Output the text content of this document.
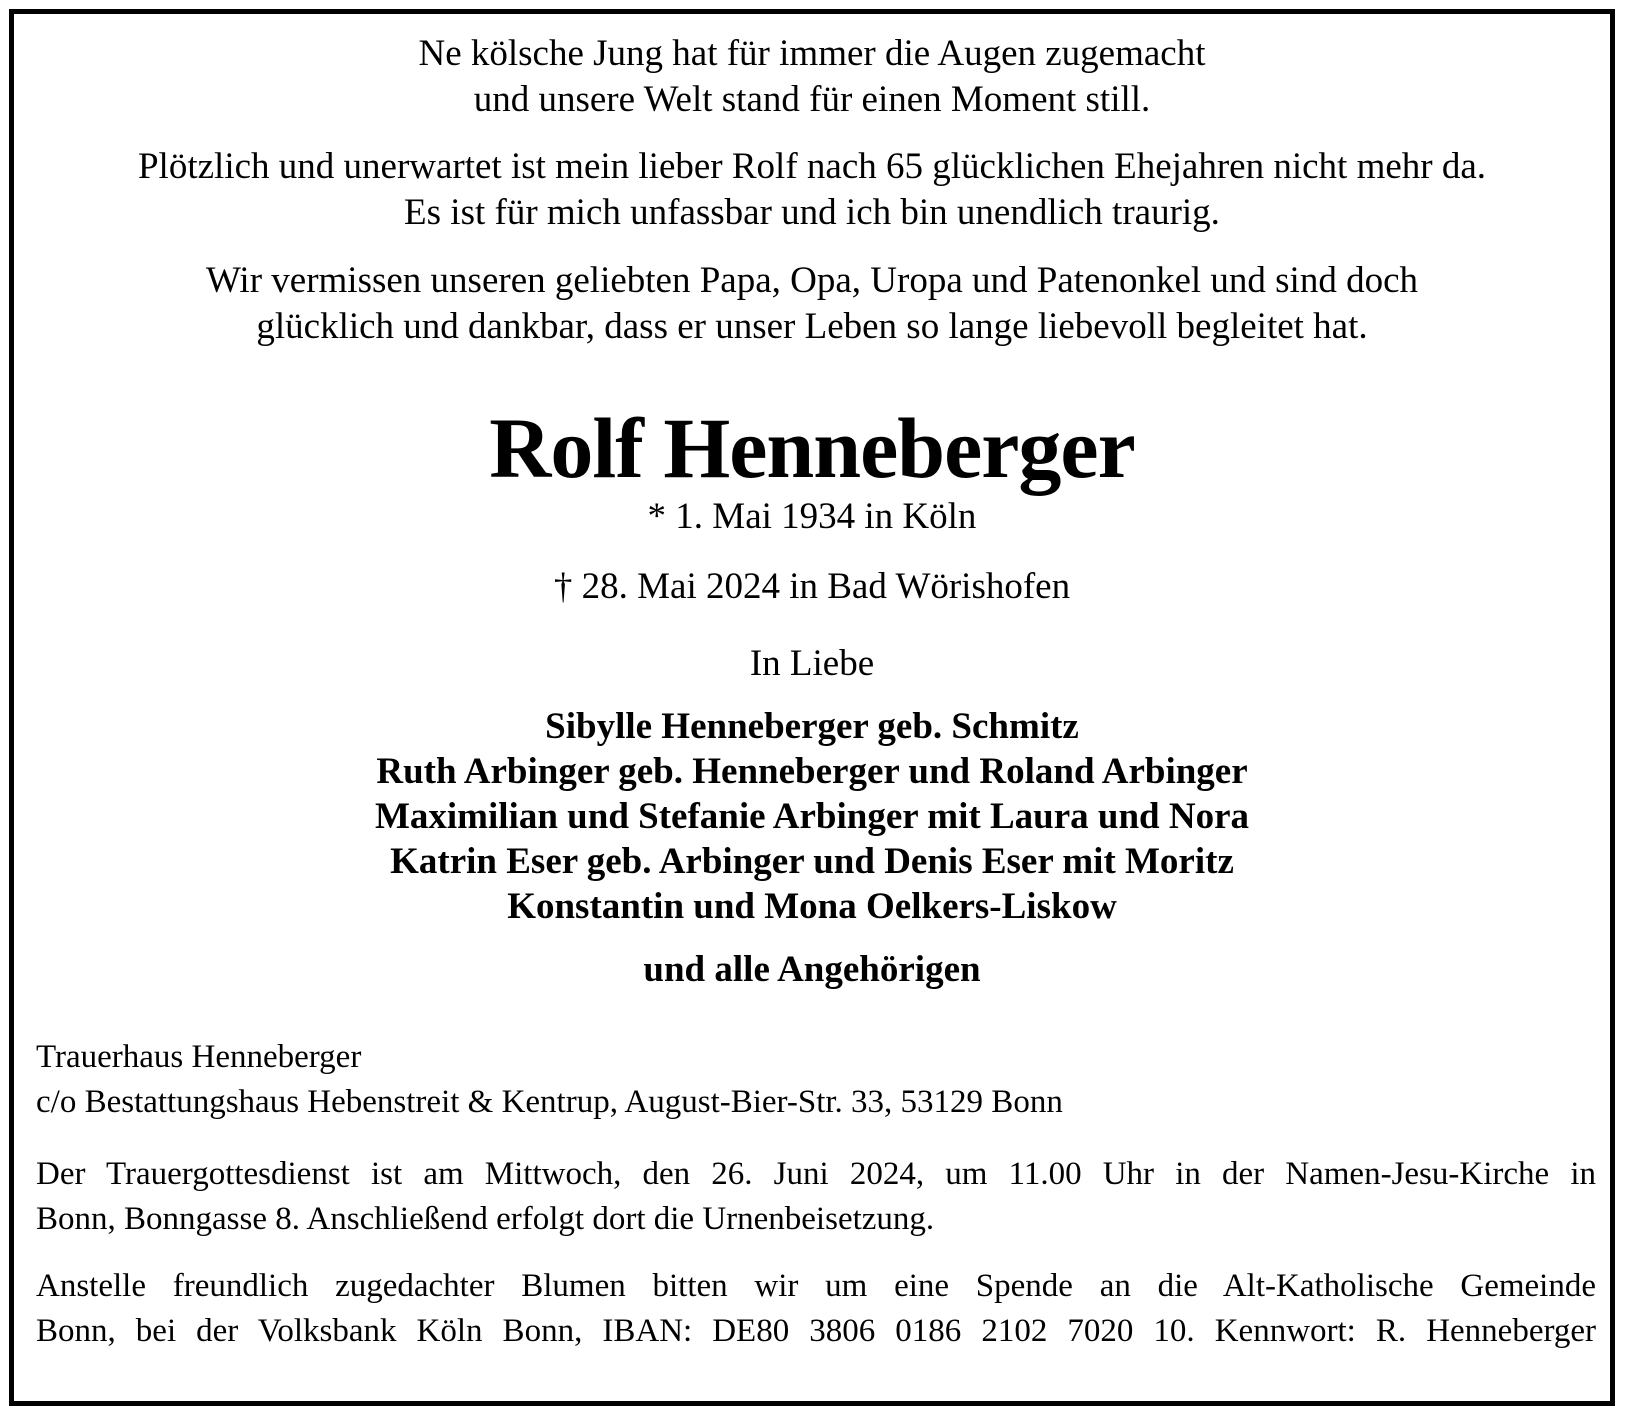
Ne kölsche Jung hat für immer die Augen zugemacht
und unsere Welt stand für einen Moment still.
Plötzlich und unerwartet ist mein lieber Rolf nach 65 glücklichen Ehejahren nicht mehr da.
Es ist für mich unfassbar und ich bin unendlich traurig.
Wir vermissen unseren geliebten Papa, Opa, Uropa und Patenonkel und sind doch
glücklich und dankbar, dass er unser Leben so lange liebevoll begleitet hat.
Rolf Henneberger
* 1. Mai 1934 in Köln
† 28. Mai 2024 in Bad Wörishofen
In Liebe
Sibylle Henneberger geb. Schmitz
Ruth Arbinger geb. Henneberger und Roland Arbinger
Maximilian und Stefanie Arbinger mit Laura und Nora
Katrin Eser geb. Arbinger und Denis Eser mit Moritz
Konstantin und Mona Oelkers-Liskow
und alle Angehörigen
Trauerhaus Henneberger
c/o Bestattungshaus Hebenstreit & Kentrup, August-Bier-Str. 33, 53129 Bonn
Der Trauergottesdienst ist am Mittwoch, den 26. Juni 2024, um 11.00 Uhr in der Namen-Jesu-Kirche in
Bonn, Bonngasse 8. Anschließend erfolgt dort die Urnenbeisetzung.
Anstelle freundlich zugedachter Blumen bitten wir um eine Spende an die Alt-Katholische Gemeinde
Bonn, bei der Volksbank Köln Bonn, IBAN: DE80 3806 0186 2102 7020 10. Kennwort: R. Henneberger
